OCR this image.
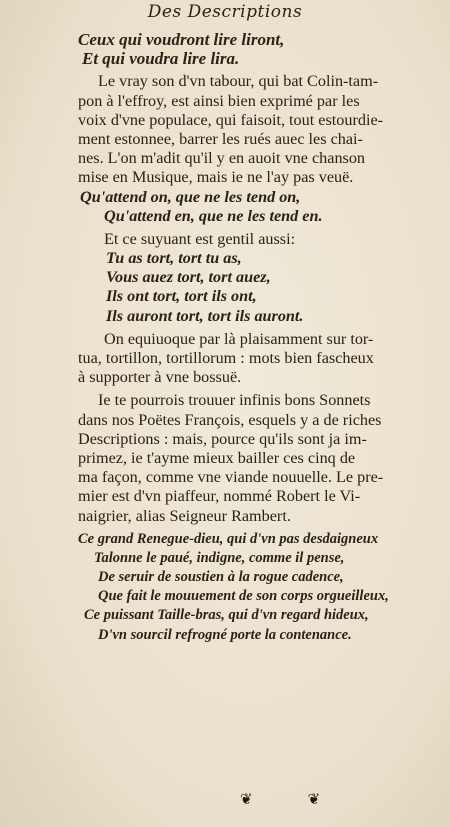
Des Descriptions
Ceux qui voudront lire liront,
Et qui voudra lire lira.
Le vray son d'vn tabour, qui bat Colin-tam-
pon à l'effroy, est ainsi bien exprimé par les
voix d'vne populace, qui faisoit, tout estourdie-
ment estonnee, barrer les rués auec les chai-
nes. L'on m'adit qu'il y en auoit vne chanson
mise en Musique, mais ie ne l'ay pas veuë.
Qu'attend on, que ne les tend on,
Qu'attend en, que ne les tend en.
Et ce suyuant est gentil aussi:
Tu as tort, tort tu as,
Vous auez tort, tort auez,
Ils ont tort, tort ils ont,
Ils auront tort, tort ils auront.
On equiuoque par là plaisamment sur tor-
tua, tortillon, tortillorum : mots bien fascheux
à supporter à vne bossuë.
Ie te pourrois trouuer infinis bons Sonnets
dans nos Poëtes François, esquels y a de riches
Descriptions : mais, pource qu'ils sont ja im-
primez, ie t'ayme mieux bailler ces cinq de
ma façon, comme vne viande nouuelle. Le pre-
mier est d'vn piaffeur, nommé Robert le Vi-
naigrier, alias Seigneur Rambert.
Ce grand Renegue-dieu, qui d'vn pas desdaigneux
Talonne le paué, indigne, comme il pense,
De seruir de soustien à la rogue cadence,
Que fait le mouuement de son corps orgueilleux,
Ce puissant Taille-bras, qui d'vn regard hideux,
D'vn sourcil refrogné porte la contenance.
❦	❦
